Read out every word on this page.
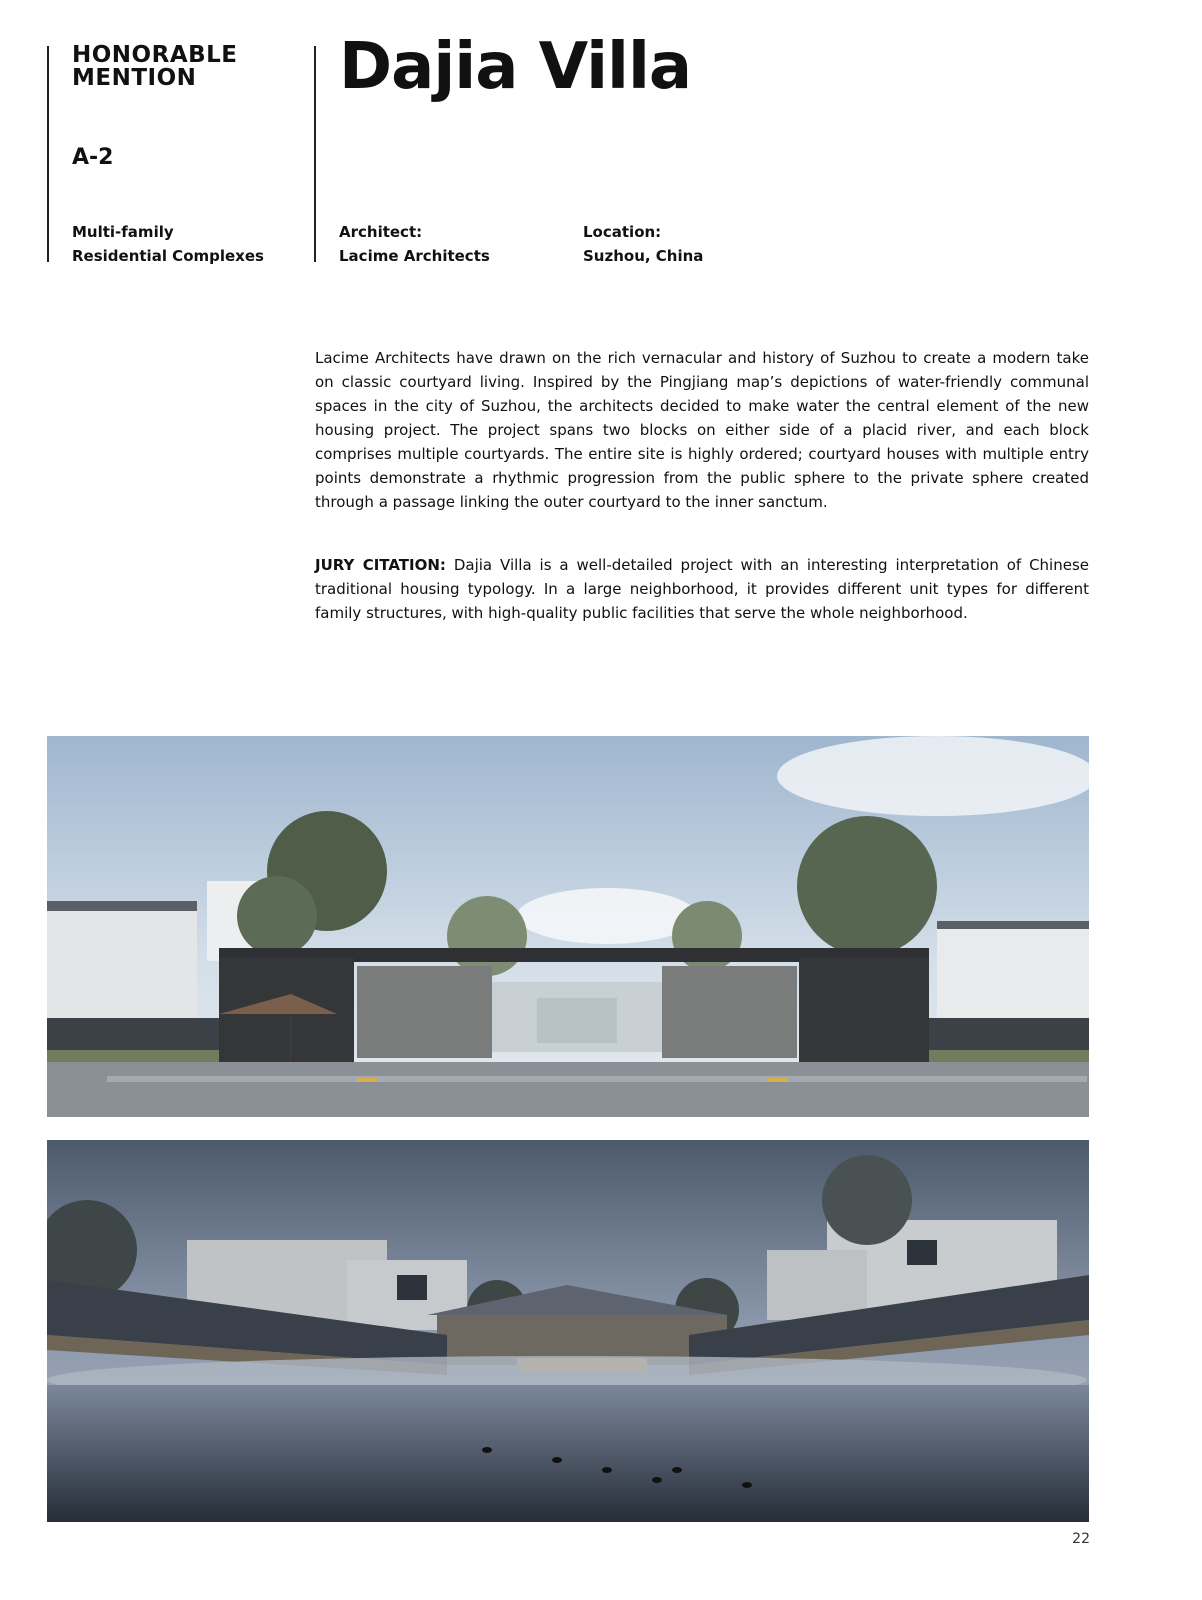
HONORABLE
MENTION
A-2
Multi-family
Residential Complexes
Dajia Villa
Architect:
Lacime Architects
Location:
Suzhou, China

Lacime Architects have drawn on the rich vernacular and history of Suzhou to create a modern take on classic courtyard living. Inspired by the Pingjiang map’s depictions of water-friendly communal spaces in the city of Suzhou, the architects decided to make water the central element of the new housing project. The project spans two blocks on either side of a placid river, and each block comprises multiple courtyards. The entire site is highly ordered; courtyard houses with multiple entry points demonstrate a rhythmic progression from the public sphere to the private sphere created through a passage linking the outer courtyard to the inner sanctum.

JURY CITATION: Dajia Villa is a well-detailed project with an interesting interpretation of Chinese traditional housing typology. In a large neighborhood, it provides different unit types for different family structures, with high-quality public facilities that serve the whole neighborhood.

22
